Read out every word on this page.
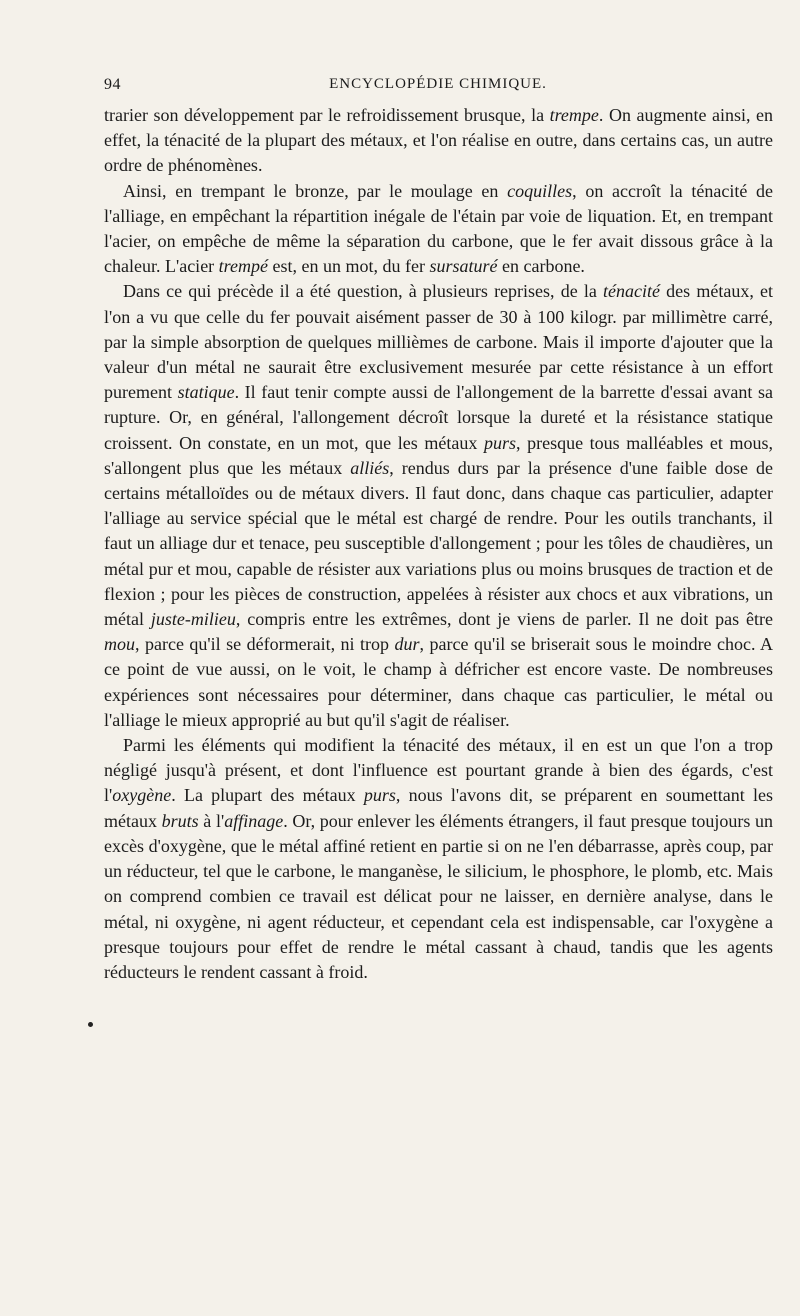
94	ENCYCLOPÉDIE CHIMIQUE.

trarier son développement par le refroidissement brusque, la trempe. On augmente ainsi, en effet, la ténacité de la plupart des métaux, et l'on réalise en outre, dans certains cas, un autre ordre de phénomènes.

Ainsi, en trempant le bronze, par le moulage en coquilles, on accroît la ténacité de l'alliage, en empêchant la répartition inégale de l'étain par voie de liquation. Et, en trempant l'acier, on empêche de même la séparation du carbone, que le fer avait dissous grâce à la chaleur. L'acier trempé est, en un mot, du fer sursaturé en carbone.

Dans ce qui précède il a été question, à plusieurs reprises, de la ténacité des métaux, et l'on a vu que celle du fer pouvait aisément passer de 30 à 100 kilogr. par millimètre carré, par la simple absorption de quelques millièmes de carbone. Mais il importe d'ajouter que la valeur d'un métal ne saurait être exclusivement mesurée par cette résistance à un effort purement statique. Il faut tenir compte aussi de l'allongement de la barrette d'essai avant sa rupture. Or, en général, l'allongement décroît lorsque la dureté et la résistance statique croissent. On constate, en un mot, que les métaux purs, presque tous malléables et mous, s'allongent plus que les métaux alliés, rendus durs par la présence d'une faible dose de certains métalloïdes ou de métaux divers. Il faut donc, dans chaque cas particulier, adapter l'alliage au service spécial que le métal est chargé de rendre. Pour les outils tranchants, il faut un alliage dur et tenace, peu susceptible d'allongement ; pour les tôles de chaudières, un métal pur et mou, capable de résister aux variations plus ou moins brusques de traction et de flexion ; pour les pièces de construction, appelées à résister aux chocs et aux vibrations, un métal juste-milieu, compris entre les extrêmes, dont je viens de parler. Il ne doit pas être mou, parce qu'il se déformerait, ni trop dur, parce qu'il se briserait sous le moindre choc. A ce point de vue aussi, on le voit, le champ à défricher est encore vaste. De nombreuses expériences sont nécessaires pour déterminer, dans chaque cas particulier, le métal ou l'alliage le mieux approprié au but qu'il s'agit de réaliser.

Parmi les éléments qui modifient la ténacité des métaux, il en est un que l'on a trop négligé jusqu'à présent, et dont l'influence est pourtant grande à bien des égards, c'est l'oxygène. La plupart des métaux purs, nous l'avons dit, se préparent en soumettant les métaux bruts à l'affinage. Or, pour enlever les éléments étrangers, il faut presque toujours un excès d'oxygène, que le métal affiné retient en partie si on ne l'en débarrasse, après coup, par un réducteur, tel que le carbone, le manganèse, le silicium, le phosphore, le plomb, etc. Mais on comprend combien ce travail est délicat pour ne laisser, en dernière analyse, dans le métal, ni oxygène, ni agent réducteur, et cependant cela est indispensable, car l'oxygène a presque toujours pour effet de rendre le métal cassant à chaud, tandis que les agents réducteurs le rendent cassant à froid.
